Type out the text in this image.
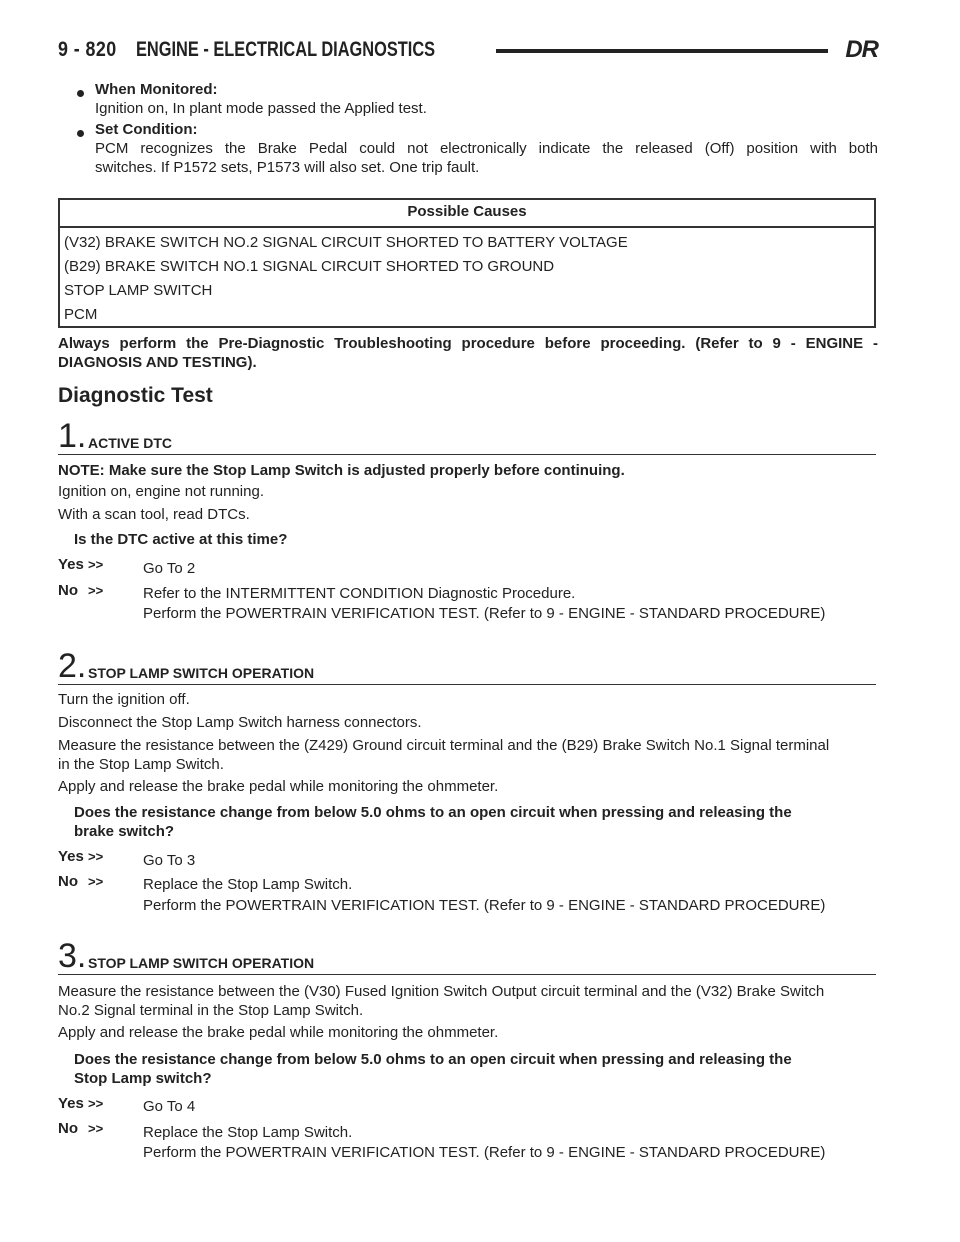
9 - 820 ENGINE - ELECTRICAL DIAGNOSTICS	DR
When Monitored:
Ignition on, In plant mode passed the Applied test.
Set Condition:
PCM recognizes the Brake Pedal could not electronically indicate the released (Off) position with both
switches. If P1572 sets, P1573 will also set. One trip fault.
Possible Causes
(V32) BRAKE SWITCH NO.2 SIGNAL CIRCUIT SHORTED TO BATTERY VOLTAGE
(B29) BRAKE SWITCH NO.1 SIGNAL CIRCUIT SHORTED TO GROUND
STOP LAMP SWITCH
PCM
Always perform the Pre-Diagnostic Troubleshooting procedure before proceeding. (Refer to 9 - ENGINE -
DIAGNOSIS AND TESTING).
Diagnostic Test
1. ACTIVE DTC
NOTE: Make sure the Stop Lamp Switch is adjusted properly before continuing.
Ignition on, engine not running.
With a scan tool, read DTCs.
Is the DTC active at this time?
Yes >>	Go To 2
No >>	Refer to the INTERMITTENT CONDITION Diagnostic Procedure.
Perform the POWERTRAIN VERIFICATION TEST. (Refer to 9 - ENGINE - STANDARD PROCEDURE)
2. STOP LAMP SWITCH OPERATION
Turn the ignition off.
Disconnect the Stop Lamp Switch harness connectors.
Measure the resistance between the (Z429) Ground circuit terminal and the (B29) Brake Switch No.1 Signal terminal
in the Stop Lamp Switch.
Apply and release the brake pedal while monitoring the ohmmeter.
Does the resistance change from below 5.0 ohms to an open circuit when pressing and releasing the
brake switch?
Yes >>	Go To 3
No >>	Replace the Stop Lamp Switch.
Perform the POWERTRAIN VERIFICATION TEST. (Refer to 9 - ENGINE - STANDARD PROCEDURE)
3. STOP LAMP SWITCH OPERATION
Measure the resistance between the (V30) Fused Ignition Switch Output circuit terminal and the (V32) Brake Switch
No.2 Signal terminal in the Stop Lamp Switch.
Apply and release the brake pedal while monitoring the ohmmeter.
Does the resistance change from below 5.0 ohms to an open circuit when pressing and releasing the
Stop Lamp switch?
Yes >>	Go To 4
No >>	Replace the Stop Lamp Switch.
Perform the POWERTRAIN VERIFICATION TEST. (Refer to 9 - ENGINE - STANDARD PROCEDURE)
